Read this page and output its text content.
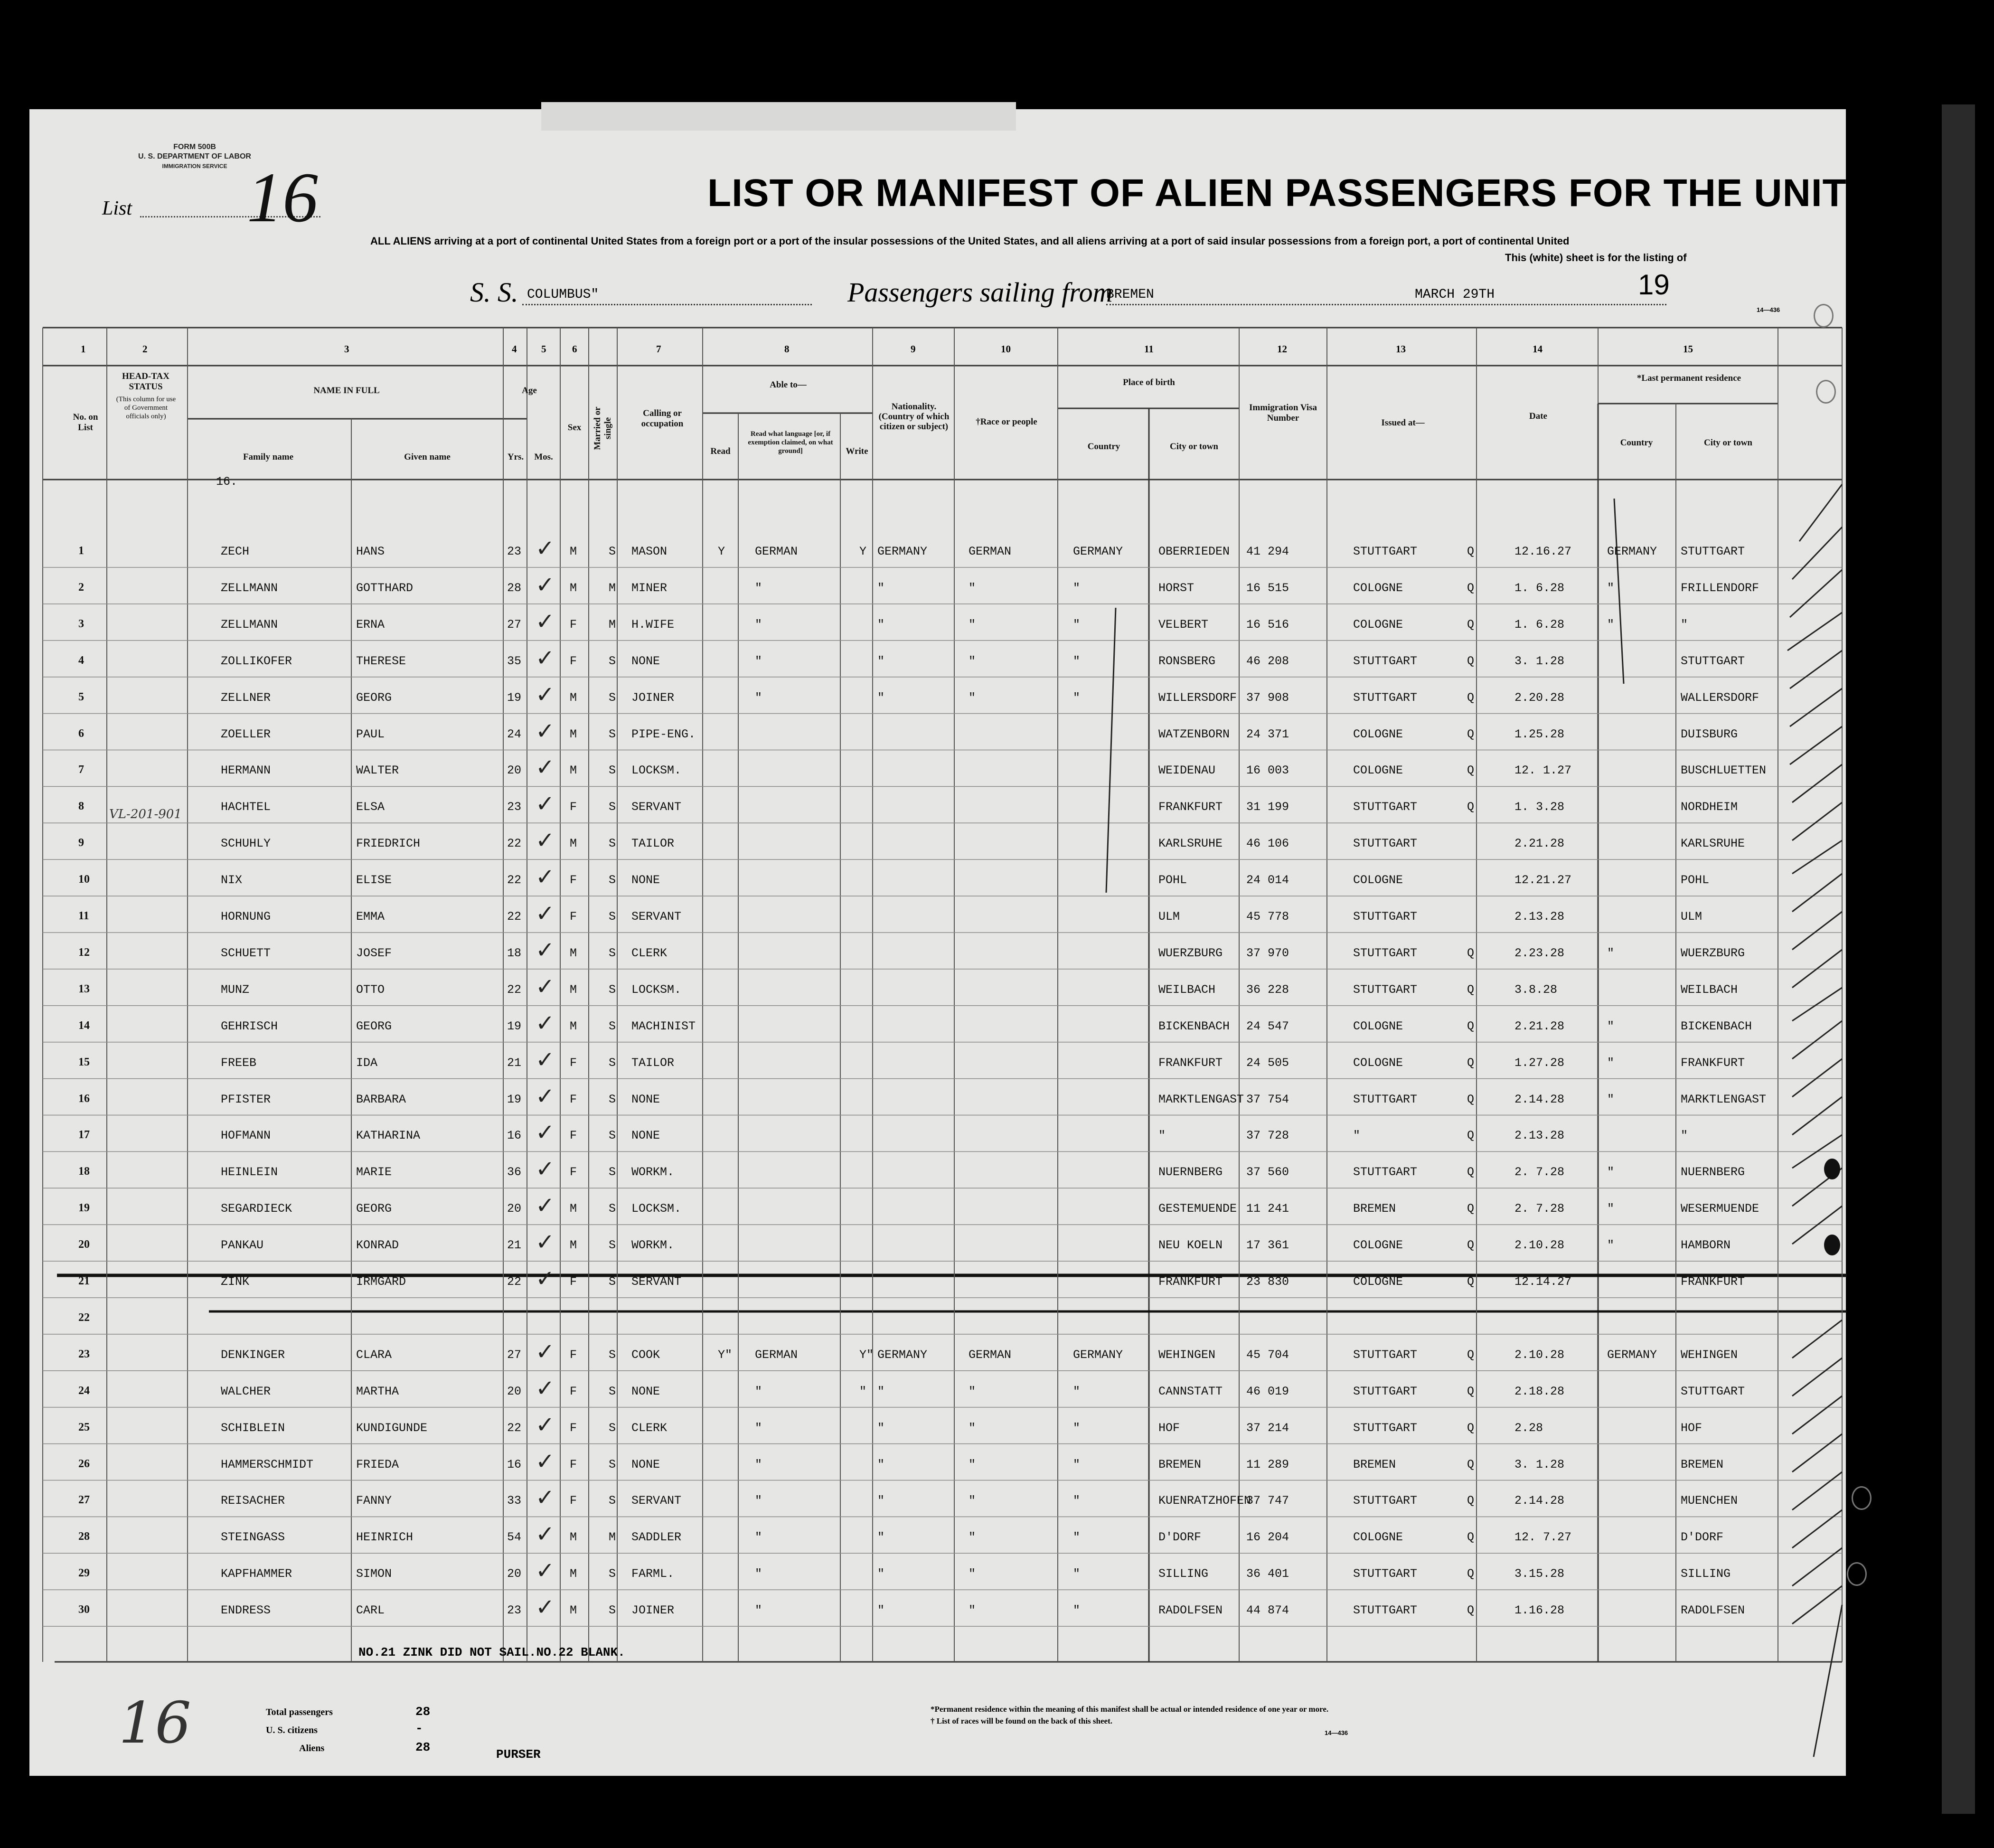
FORM 500B
U. S. DEPARTMENT OF LABOR
IMMIGRATION SERVICE
List 16	LIST OR MANIFEST OF ALIEN PASSENGERS FOR THE UNITED
ALL ALIENS arriving at a port of continental United States from a foreign port or a port of the insular possessions of the United States, and all aliens arriving at a port of said insular possessions from a foreign port, a port of continental United
This (white) sheet is for the listing of
S. S. COLUMBUS"	Passengers sailing from
BREMEN	MARCH 29TH	19
14—436
1	2	3	4 5	6	7	8	9	10	11	12	13	14	15
No. on List
HEAD-TAX STATUS
(This column for use of Government officials only)
NAME IN FULL
Family name	Given name
16.
Age
Yrs.	Mos.
Sex	Married or single
Calling or occupation
Able to—
Read
Read what language [or, if exemption claimed, on what ground]	Write
Nationality. (Country of which citizen or subject)	†Race or people
Place of birth
Country	City or town
Immigration Visa Number	Issued at—
Date
*Last permanent residence
Country	City or town
1	ZECH	HANS	23	M	S MASON	Y	GERMAN	Y GERMANY	GERMAN	GERMANY	OBERRIEDEN 41 294	STUTTGART	Q	12.16.27	GERMANY STUTTGART
✓
2	ZELLMANN	GOTTHARD	28	M	M MINER	"	"	"	"	HORST	16 515	COLOGNE	Q	1. 6.28	"	FRILLENDORF
✓
3	ZELLMANN	ERNA	27	F	M H.WIFE	"	"	"	"	VELBERT	16 516	COLOGNE	Q	1. 6.28	"	"
✓
4	ZOLLIKOFER	THERESE	35	F	S NONE	"	"	"	"	RONSBERG	46 208	STUTTGART	Q	3. 1.28	STUTTGART
✓
5	ZELLNER	GEORG	19	M	S JOINER	"	"	"	"	WILLERSDORF 37 908	STUTTGART	Q	2.20.28	WALLERSDORF
✓
6	ZOELLER	PAUL	24	M	S PIPE-ENG.	WATZENBORN 24 371	COLOGNE	Q	1.25.28	DUISBURG
✓
7	HERMANN	WALTER	20	M	S LOCKSM.	WEIDENAU	16 003	COLOGNE	Q	12. 1.27	BUSCHLUETTEN
✓
8	HACHTEL	ELSA	23	F	S SERVANT	FRANKFURT 31 199	STUTTGART	Q	1. 3.28	NORDHEIM
✓
9	SCHUHLY	FRIEDRICH	22	M	S TAILOR	KARLSRUHE 46 106	STUTTGART	2.21.28	KARLSRUHE
✓
10	NIX	ELISE	22	F	S NONE	POHL	24 014	COLOGNE	12.21.27	POHL
✓
11	HORNUNG	EMMA	22	F	S SERVANT	ULM	45 778	STUTTGART	2.13.28	ULM
✓
12	SCHUETT	JOSEF	18	M	S CLERK	WUERZBURG 37 970	STUTTGART	Q	2.23.28	"	WUERZBURG
✓
13	MUNZ	OTTO	22	M	S LOCKSM.	WEILBACH	36 228	STUTTGART	Q	3.8.28	WEILBACH
✓
14	GEHRISCH	GEORG	19	M	S MACHINIST	BICKENBACH 24 547	COLOGNE	Q	2.21.28	"	BICKENBACH
✓
15	FREEB	IDA	21	F	S TAILOR	FRANKFURT 24 505	COLOGNE	Q	1.27.28	"	FRANKFURT
✓
16	PFISTER	BARBARA	19	F	S NONE	MARKTLENGAST 37 754	STUTTGART	Q	2.14.28	"	MARKTLENGAST
✓
17	HOFMANN	KATHARINA	16	F	S NONE	"	37 728	"	Q	2.13.28	"
✓
18	HEINLEIN	MARIE	36	F	S WORKM.	NUERNBERG 37 560	STUTTGART	Q	2. 7.28	"	NUERNBERG
✓
19	SEGARDIECK	GEORG	20	M	S LOCKSM.	GESTEMUENDE 11 241	BREMEN	Q	2. 7.28	"	WESERMUENDE
✓
20	PANKAU	KONRAD	21	M	S WORKM.	NEU KOELN 17 361	COLOGNE	Q	2.10.28	"	HAMBORN
✓
21	ZINK	IRMGARD	22	F	S SERVANT	FRANKFURT 23 830	COLOGNE	Q	12.14.27	FRANKFURT
✓
22
23	DENKINGER	CLARA	27	F	S COOK	Y" GERMAN	Y" GERMANY	GERMAN	GERMANY	WEHINGEN	45 704	STUTTGART	Q	2.10.28	GERMANY WEHINGEN
✓
24	WALCHER	MARTHA	20	F	S NONE	"	" "	"	"	CANNSTATT 46 019	STUTTGART	Q	2.18.28	STUTTGART
✓
25	SCHIBLEIN	KUNDIGUNDE	22	F	S CLERK	"	"	"	"	HOF	37 214	STUTTGART	Q	2.28	HOF
✓
26	HAMMERSCHMIDT	FRIEDA	16	F	S NONE	"	"	"	"	BREMEN	11 289	BREMEN	Q	3. 1.28	BREMEN
✓
27	REISACHER	FANNY	33	F	S SERVANT	"	"	"	"	KUENRATZHOFEN
37 747	STUTTGART	Q	2.14.28	MUENCHEN
✓
28	STEINGASS	HEINRICH	54	M	M SADDLER	"	"	"	"	D'DORF	16 204	COLOGNE	Q	12. 7.27	D'DORF
✓
29	KAPFHAMMER	SIMON	20	M	S FARML.	"	"	"	"	SILLING	36 401	STUTTGART	Q	3.15.28	SILLING
✓
30	ENDRESS	CARL	23	M	S JOINER	"	"	"	"	RADOLFSEN 44 874	STUTTGART	Q	1.16.28	RADOLFSEN
✓
NO.21 ZINK DID NOT SAIL.NO.22 BLANK.
Total passengers	28
U. S. citizens	-
Aliens	28	PURSER
*Permanent residence within the meaning of this manifest shall be actual or intended residence of one year or more.
† List of races will be found on the back of this sheet.
14—436
16
VL-201-901
